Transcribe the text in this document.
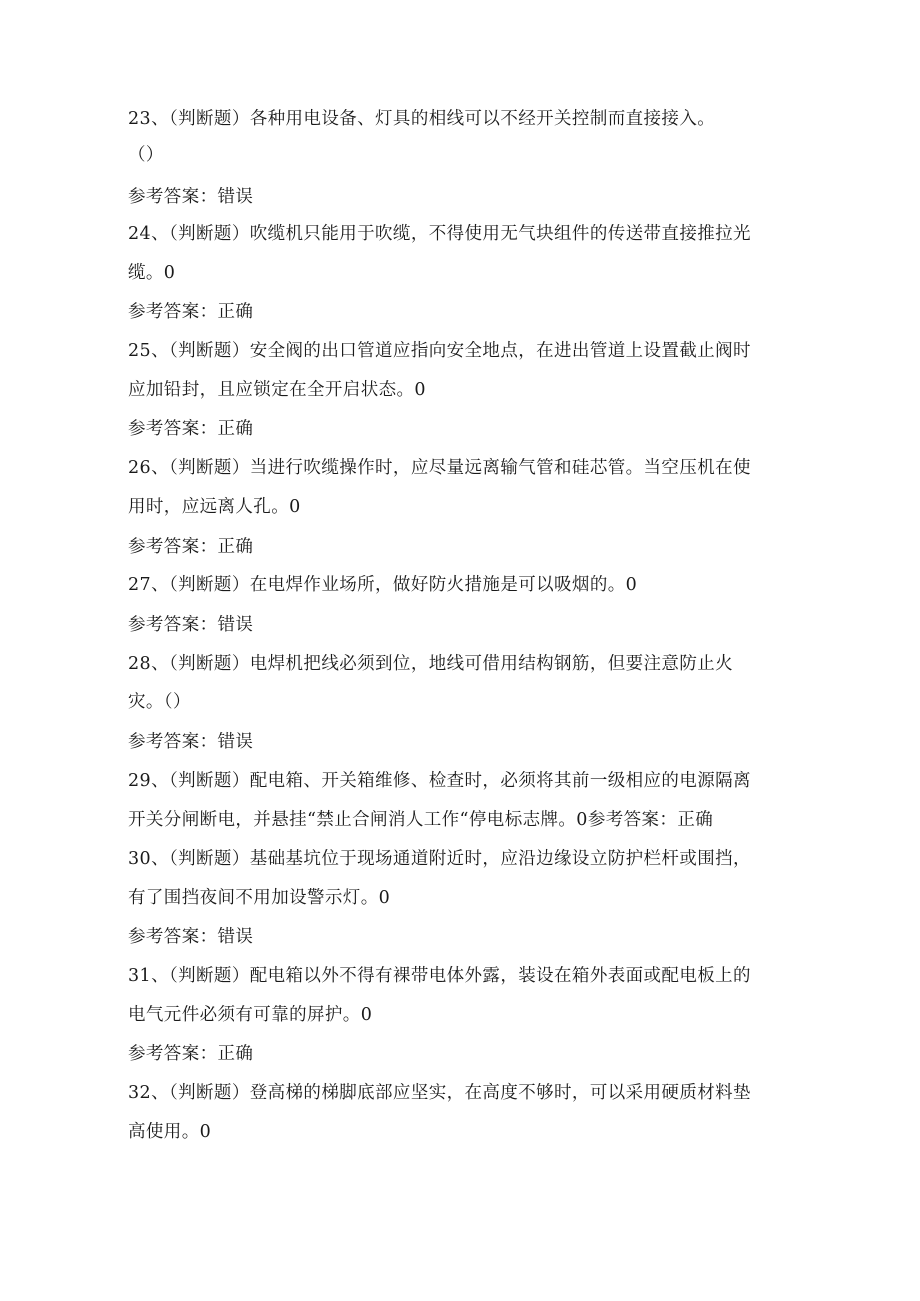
23、（判断题）各种用电设备、灯具的相线可以不经开关控制而直接接入。
（）
参考答案：错误
24、（判断题）吹缆机只能用于吹缆，不得使用无气块组件的传送带直接推拉光
缆。0
参考答案：正确
25、（判断题）安全阀的出口管道应指向安全地点，在进出管道上设置截止阀时
应加铅封，且应锁定在全开启状态。0
参考答案：正确
26、（判断题）当进行吹缆操作时，应尽量远离输气管和硅芯管。当空压机在使
用时，应远离人孔。0
参考答案：正确
27、（判断题）在电焊作业场所，做好防火措施是可以吸烟的。0
参考答案：错误
28、（判断题）电焊机把线必须到位，地线可借用结构钢筋，但要注意防止火
灾。（）
参考答案：错误
29、（判断题）配电箱、开关箱维修、检查时，必须将其前一级相应的电源隔离
开关分闸断电，并悬挂“禁止合闸消人工作“停电标志牌。0参考答案：正确
30、（判断题）基础基坑位于现场通道附近时，应沿边缘设立防护栏杆或围挡，
有了围挡夜间不用加设警示灯。0
参考答案：错误
31、（判断题）配电箱以外不得有裸带电体外露，装设在箱外表面或配电板上的
电气元件必须有可靠的屏护。0
参考答案：正确
32、（判断题）登高梯的梯脚底部应坚实，在高度不够时，可以采用硬质材料垫
高使用。0
